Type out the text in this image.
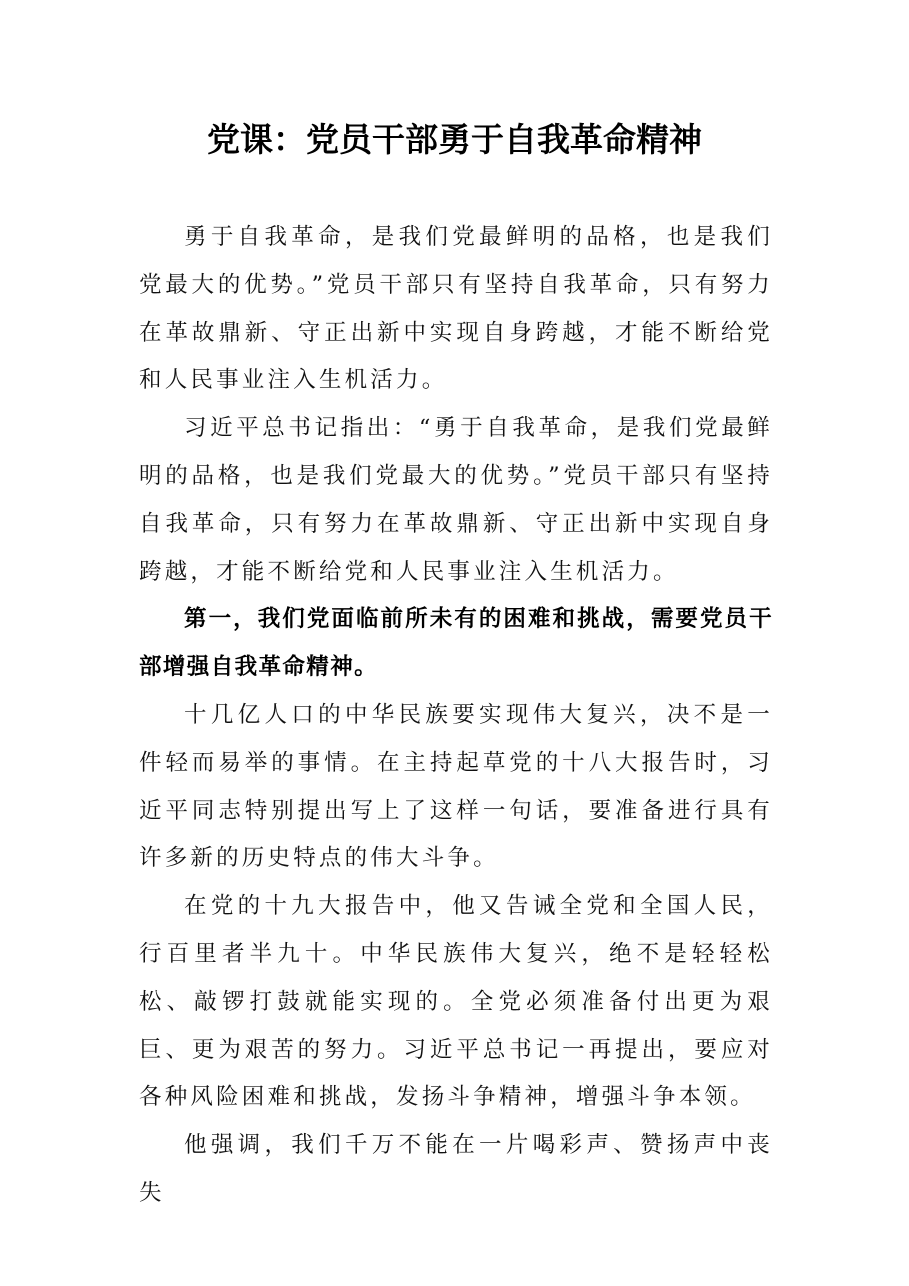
党课：党员干部勇于自我革命精神

勇于自我革命，是我们党最鲜明的品格，也是我们党最大的优势。”党员干部只有坚持自我革命，只有努力在革故鼎新、守正出新中实现自身跨越，才能不断给党和人民事业注入生机活力。

习近平总书记指出：“勇于自我革命，是我们党最鲜明的品格，也是我们党最大的优势。”党员干部只有坚持自我革命，只有努力在革故鼎新、守正出新中实现自身跨越，才能不断给党和人民事业注入生机活力。

第一，我们党面临前所未有的困难和挑战，需要党员干部增强自我革命精神。

十几亿人口的中华民族要实现伟大复兴，决不是一件轻而易举的事情。在主持起草党的十八大报告时，习近平同志特别提出写上了这样一句话，要准备进行具有许多新的历史特点的伟大斗争。

在党的十九大报告中，他又告诫全党和全国人民，行百里者半九十。中华民族伟大复兴，绝不是轻轻松松、敲锣打鼓就能实现的。全党必须准备付出更为艰巨、更为艰苦的努力。习近平总书记一再提出，要应对各种风险困难和挑战，发扬斗争精神，增强斗争本领。

他强调，我们千万不能在一片喝彩声、赞扬声中丧失
